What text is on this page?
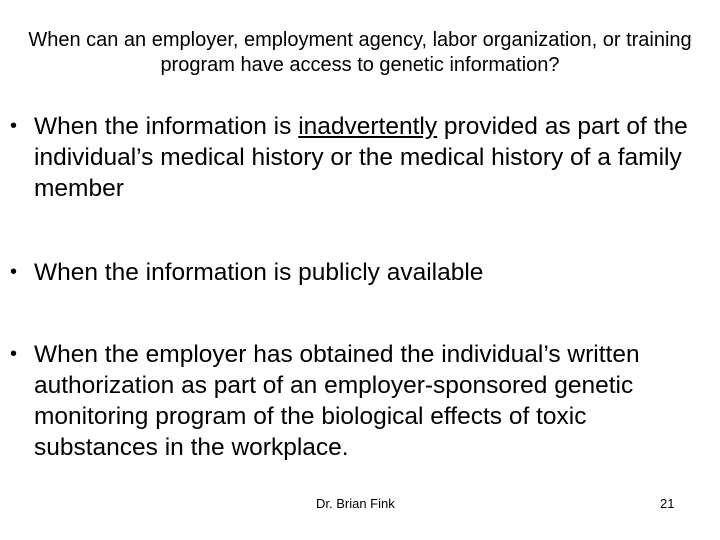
When can an employer, employment agency, labor organization, or training program have access to genetic information?
• When the information is inadvertently provided as part of the individual’s medical history or the medical history of a family member
• When the information is publicly available
• When the employer has obtained the individual’s written authorization as part of an employer-sponsored genetic monitoring program of the biological effects of toxic substances in the workplace.
Dr. Brian Fink	21
